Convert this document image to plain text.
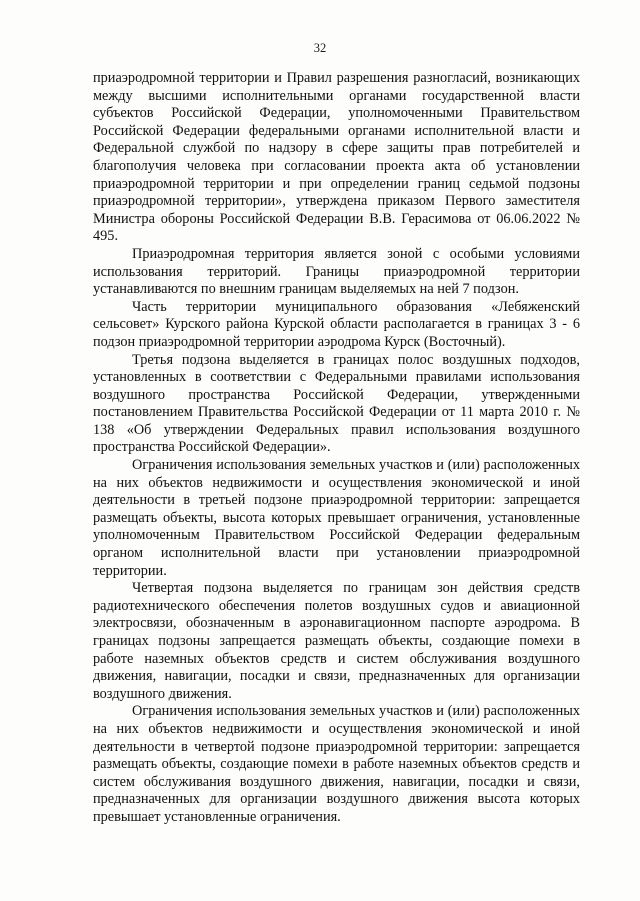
32

приаэродромной территории и Правил разрешения разногласий, возникающих между высшими исполнительными органами государственной власти субъектов Российской Федерации, уполномоченными Правительством Российской Федерации федеральными органами исполнительной власти и Федеральной службой по надзору в сфере защиты прав потребителей и благополучия человека при согласовании проекта акта об установлении приаэродромной территории и при определении границ седьмой подзоны приаэродромной территории», утверждена приказом Первого заместителя Министра обороны Российской Федерации В.В. Герасимова от 06.06.2022 № 495.

Приаэродромная территория является зоной с особыми условиями использования территорий. Границы приаэродромной территории устанавливаются по внешним границам выделяемых на ней 7 подзон.

Часть территории муниципального образования «Лебяженский сельсовет» Курского района Курской области располагается в границах 3 - 6 подзон приаэродромной территории аэродрома Курск (Восточный).

Третья подзона выделяется в границах полос воздушных подходов, установленных в соответствии с Федеральными правилами использования воздушного пространства Российской Федерации, утвержденными постановлением Правительства Российской Федерации от 11 марта 2010 г. № 138 «Об утверждении Федеральных правил использования воздушного пространства Российской Федерации».

Ограничения использования земельных участков и (или) расположенных на них объектов недвижимости и осуществления экономической и иной деятельности в третьей подзоне приаэродромной территории: запрещается размещать объекты, высота которых превышает ограничения, установленные уполномоченным Правительством Российской Федерации федеральным органом исполнительной власти при установлении приаэродромной территории.

Четвертая подзона выделяется по границам зон действия средств радиотехнического обеспечения полетов воздушных судов и авиационной электросвязи, обозначенным в аэронавигационном паспорте аэродрома. В границах подзоны запрещается размещать объекты, создающие помехи в работе наземных объектов средств и систем обслуживания воздушного движения, навигации, посадки и связи, предназначенных для организации воздушного движения.

Ограничения использования земельных участков и (или) расположенных на них объектов недвижимости и осуществления экономической и иной деятельности в четвертой подзоне приаэродромной территории: запрещается размещать объекты, создающие помехи в работе наземных объектов средств и систем обслуживания воздушного движения, навигации, посадки и связи, предназначенных для организации воздушного движения высота которых превышает установленные ограничения.
